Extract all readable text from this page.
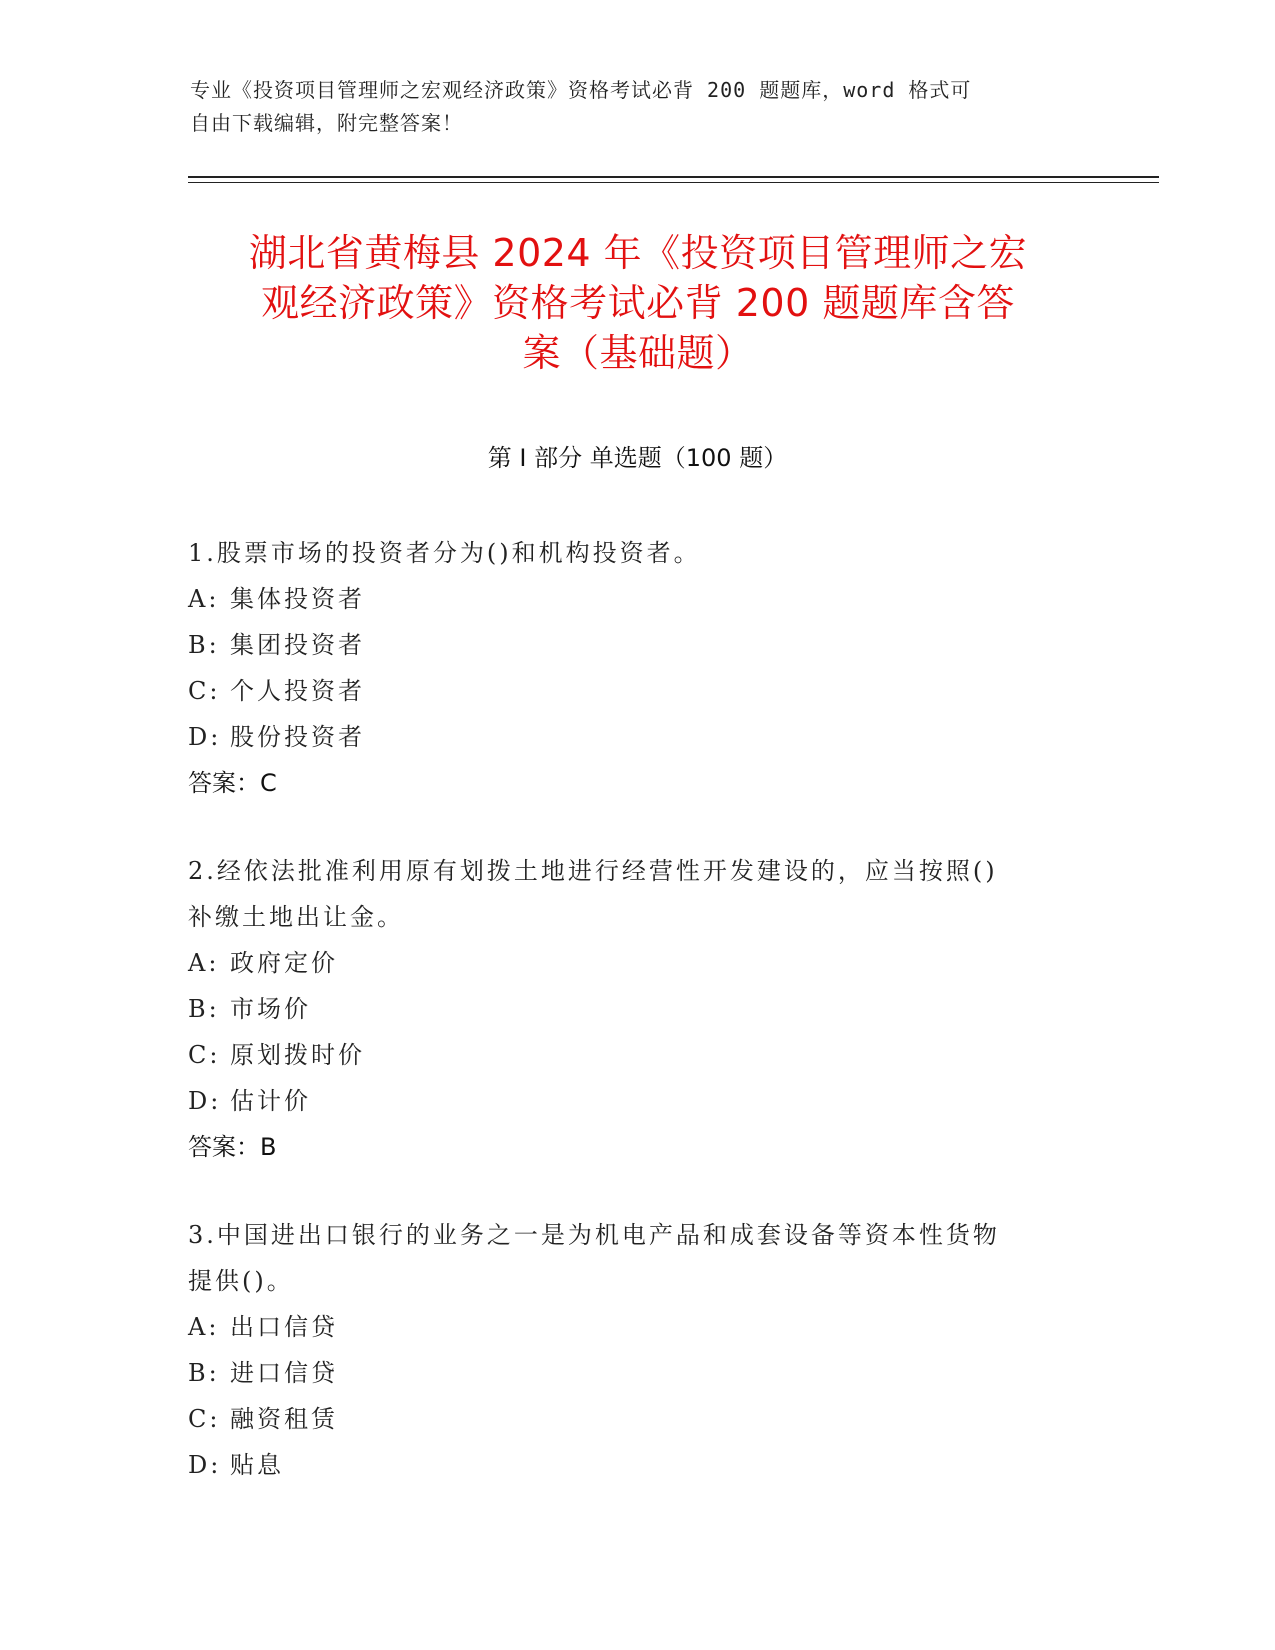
专业《投资项目管理师之宏观经济政策》资格考试必背 200 题题库，word 格式可
自由下载编辑，附完整答案！
湖北省黄梅县 2024 年《投资项目管理师之宏
观经济政策》资格考试必背 200 题题库含答
案（基础题）
第 I 部分 单选题（100 题）
1.股票市场的投资者分为()和机构投资者。
A: 集体投资者
B: 集团投资者
C: 个人投资者
D: 股份投资者
答案：C
2.经依法批准利用原有划拨土地进行经营性开发建设的，应当按照()
补缴土地出让金。
A: 政府定价
B: 市场价
C: 原划拨时价
D: 估计价
答案：B
3.中国进出口银行的业务之一是为机电产品和成套设备等资本性货物
提供()。
A: 出口信贷
B: 进口信贷
C: 融资租赁
D: 贴息
